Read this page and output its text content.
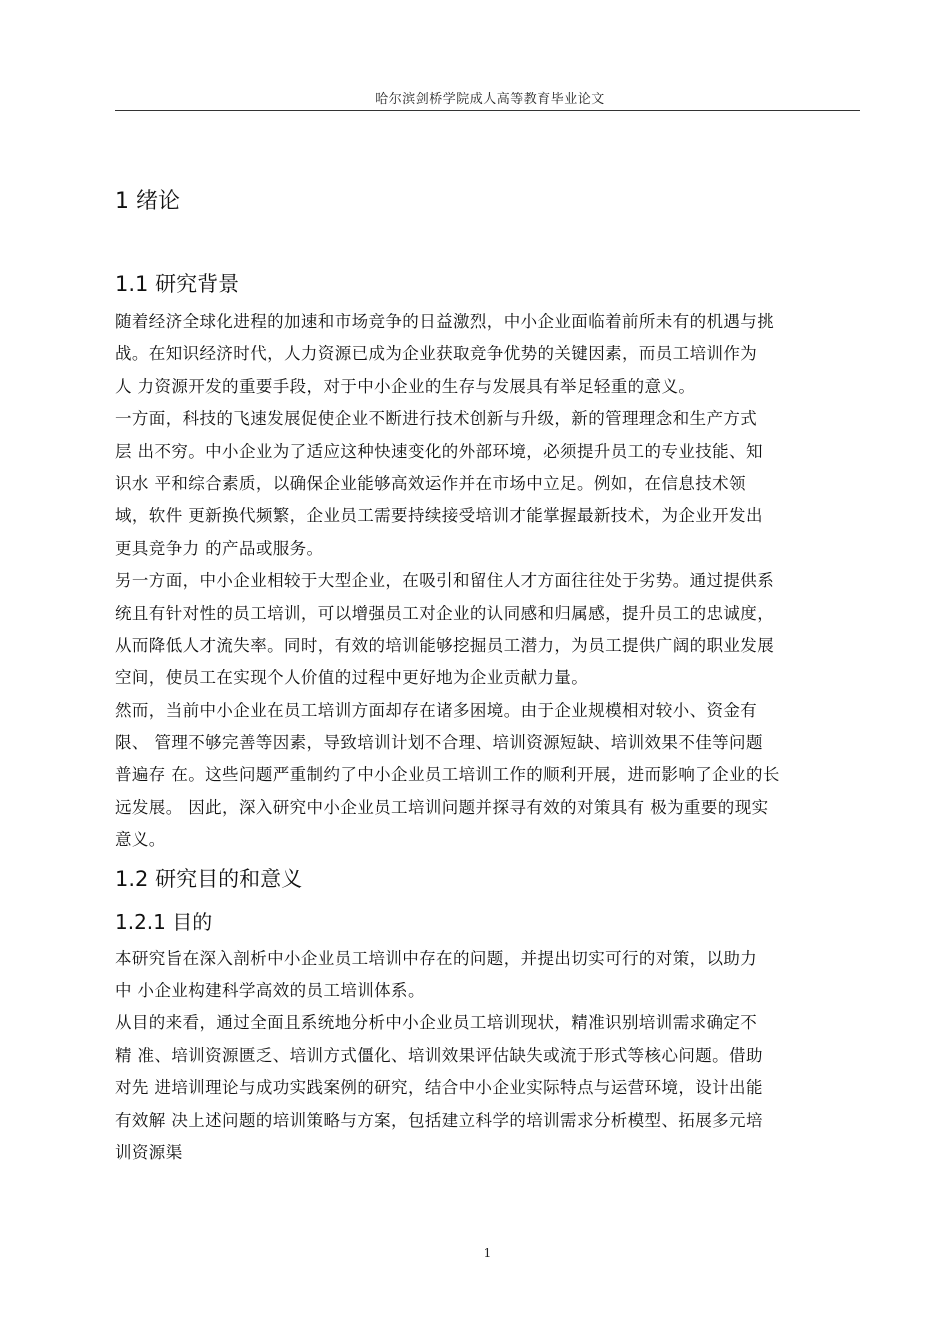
哈尔滨剑桥学院成人高等教育毕业论文
1 绪论
1.1 研究背景
随着经济全球化进程的加速和市场竞争的日益激烈，中小企业面临着前所未有的机遇与挑
战。在知识经济时代，人力资源已成为企业获取竞争优势的关键因素，而员工培训作为
人 力资源开发的重要手段，对于中小企业的生存与发展具有举足轻重的意义。
一方面，科技的飞速发展促使企业不断进行技术创新与升级，新的管理理念和生产方式
层 出不穷。中小企业为了适应这种快速变化的外部环境，必须提升员工的专业技能、知
识水 平和综合素质，以确保企业能够高效运作并在市场中立足。例如，在信息技术领
域，软件 更新换代频繁，企业员工需要持续接受培训才能掌握最新技术，为企业开发出
更具竞争力 的产品或服务。
另一方面，中小企业相较于大型企业，在吸引和留住人才方面往往处于劣势。通过提供系
统且有针对性的员工培训，可以增强员工对企业的认同感和归属感，提升员工的忠诚度，
从而降低人才流失率。同时，有效的培训能够挖掘员工潜力，为员工提供广阔的职业发展
空间，使员工在实现个人价值的过程中更好地为企业贡献力量。
然而，当前中小企业在员工培训方面却存在诸多困境。由于企业规模相对较小、资金有
限、 管理不够完善等因素，导致培训计划不合理、培训资源短缺、培训效果不佳等问题
普遍存 在。这些问题严重制约了中小企业员工培训工作的顺利开展，进而影响了企业的长
远发展。 因此，深入研究中小企业员工培训问题并探寻有效的对策具有 极为重要的现实
意义。
1.2 研究目的和意义
1.2.1 目的
本研究旨在深入剖析中小企业员工培训中存在的问题，并提出切实可行的对策，以助力
中 小企业构建科学高效的员工培训体系。
从目的来看，通过全面且系统地分析中小企业员工培训现状，精准识别培训需求确定不
精 准、培训资源匮乏、培训方式僵化、培训效果评估缺失或流于形式等核心问题。借助
对先 进培训理论与成功实践案例的研究，结合中小企业实际特点与运营环境，设计出能
有效解 决上述问题的培训策略与方案，包括建立科学的培训需求分析模型、拓展多元培
训资源渠
1
